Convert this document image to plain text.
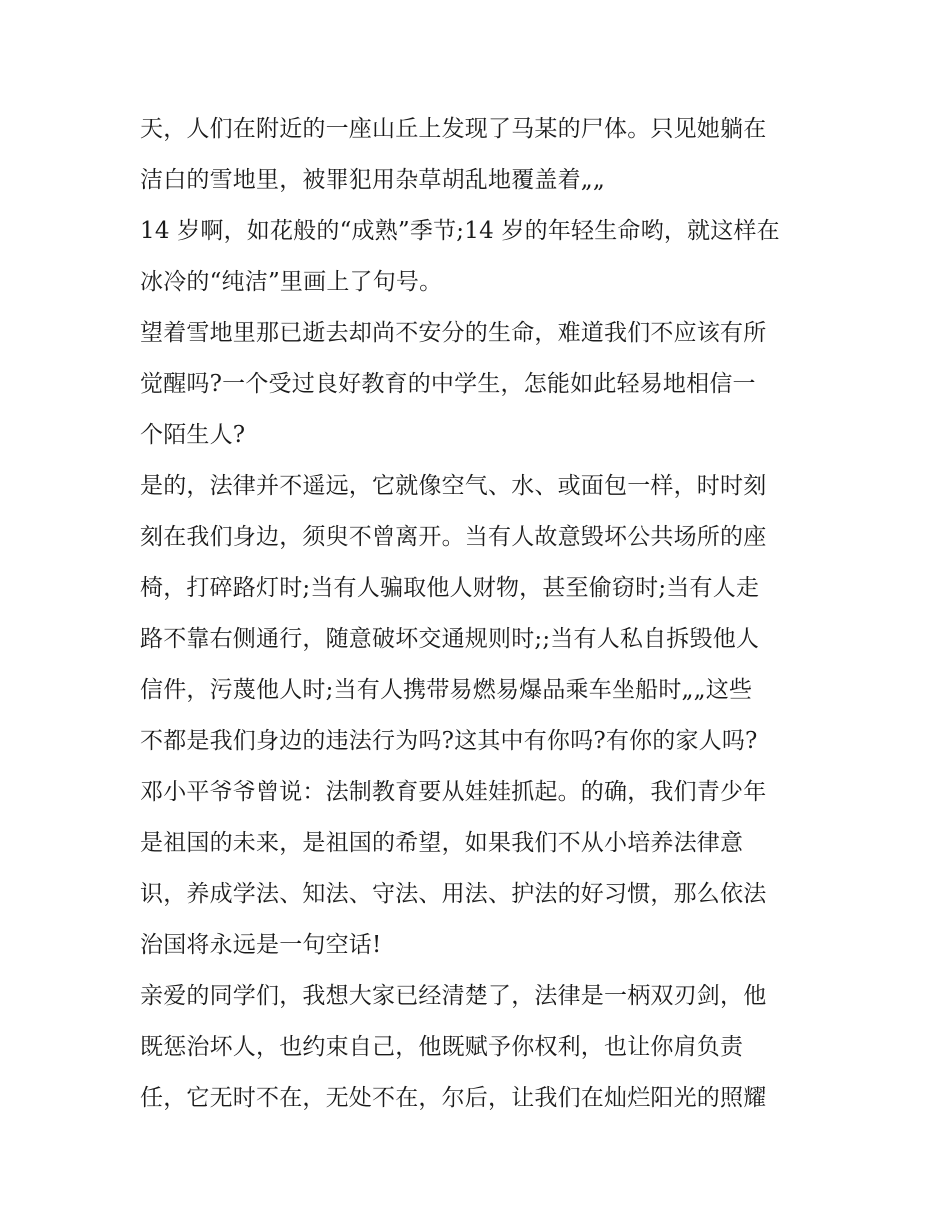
天，人们在附近的一座山丘上发现了马某的尸体。只见她躺在
洁白的雪地里，被罪犯用杂草胡乱地覆盖着„„
14 岁啊，如花般的“成熟”季节;14 岁的年轻生命哟，就这样在
冰冷的“纯洁”里画上了句号。
望着雪地里那已逝去却尚不安分的生命，难道我们不应该有所
觉醒吗?一个受过良好教育的中学生，怎能如此轻易地相信一
个陌生人?
是的，法律并不遥远，它就像空气、水、或面包一样，时时刻
刻在我们身边，须臾不曾离开。当有人故意毁坏公共场所的座
椅，打碎路灯时;当有人骗取他人财物，甚至偷窃时;当有人走
路不靠右侧通行，随意破坏交通规则时;;当有人私自拆毁他人
信件，污蔑他人时;当有人携带易燃易爆品乘车坐船时„„这些
不都是我们身边的违法行为吗?这其中有你吗?有你的家人吗?
邓小平爷爷曾说：法制教育要从娃娃抓起。的确，我们青少年
是祖国的未来，是祖国的希望，如果我们不从小培养法律意
识，养成学法、知法、守法、用法、护法的好习惯，那么依法
治国将永远是一句空话!
亲爱的同学们，我想大家已经清楚了，法律是一柄双刃剑，他
既惩治坏人，也约束自己，他既赋予你权利，也让你肩负责
任，它无时不在，无处不在，尔后，让我们在灿烂阳光的照耀
